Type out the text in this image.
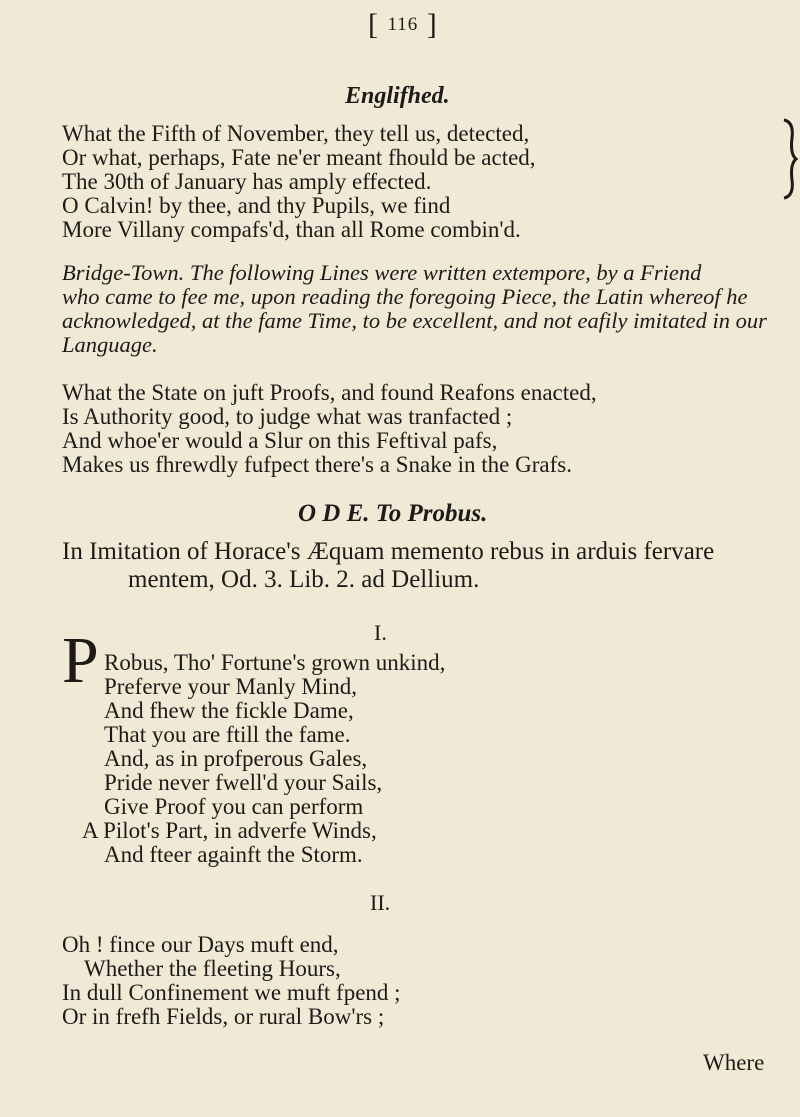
[ 116 ]
Englifhed.
What the Fifth of November, they tell us, detected,
Or what, perhaps, Fate ne'er meant fhould be acted,
The 30th of January has amply effected.
O Calvin! by thee, and thy Pupils, we find
More Villany compafs'd, than all Rome combin'd.
Bridge-Town. The following Lines were written extempore, by a Friend
who came to fee me, upon reading the foregoing Piece, the Latin whereof he
acknowledged, at the fame Time, to be excellent, and not eafily imitated in our
Language.
What the State on juft Proofs, and found Reafons enacted,
Is Authority good, to judge what was tranfacted ;
And whoe'er would a Slur on this Feftival pafs,
Makes us fhrewdly fufpect there's a Snake in the Grafs.
O D E. To Probus.
In Imitation of Horace's Æquam memento rebus in arduis fervare
mentem, Od. 3. Lib. 2. ad Dellium.
I.
P Robus, Tho' Fortune's grown unkind,
Preferve your Manly Mind,
And fhew the fickle Dame,
That you are ftill the fame.
And, as in profperous Gales,
Pride never fwell'd your Sails,
Give Proof you can perform
A Pilot's Part, in adverfe Winds,
And fteer againft the Storm.
II.
Oh ! fince our Days muft end,
Whether the fleeting Hours,
In dull Confinement we muft fpend ;
Or in frefh Fields, or rural Bow'rs ;
Where
